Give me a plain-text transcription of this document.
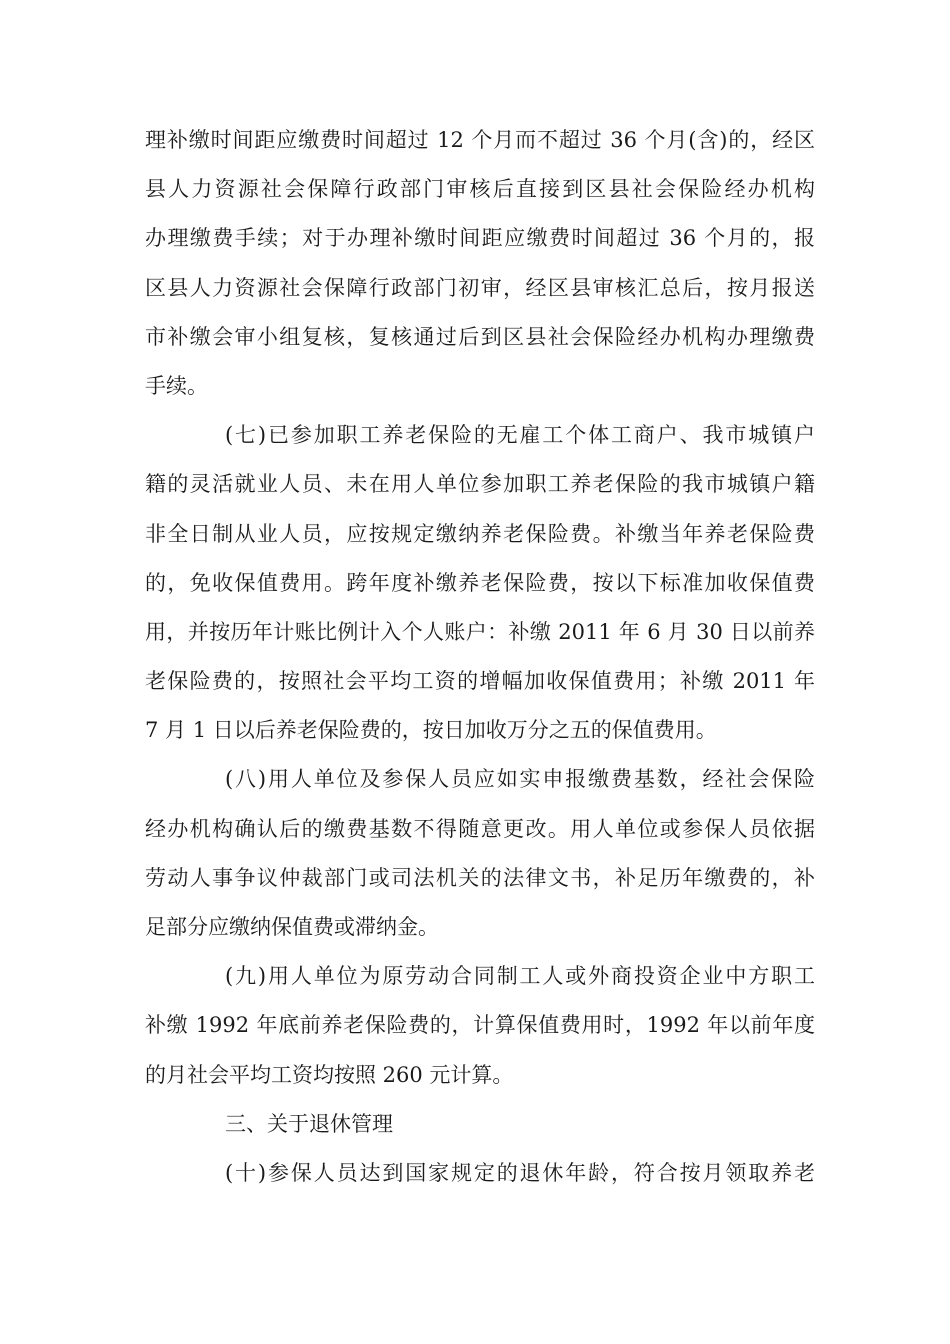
理补缴时间距应缴费时间超过 12 个月而不超过 36 个月(含)的，经区
县人力资源社会保障行政部门审核后直接到区县社会保险经办机构
办理缴费手续；对于办理补缴时间距应缴费时间超过 36 个月的，报
区县人力资源社会保障行政部门初审，经区县审核汇总后，按月报送
市补缴会审小组复核，复核通过后到区县社会保险经办机构办理缴费
手续。
(七)已参加职工养老保险的无雇工个体工商户、我市城镇户
籍的灵活就业人员、未在用人单位参加职工养老保险的我市城镇户籍
非全日制从业人员，应按规定缴纳养老保险费。补缴当年养老保险费
的，免收保值费用。跨年度补缴养老保险费，按以下标准加收保值费
用，并按历年计账比例计入个人账户：补缴 2011 年 6 月 30 日以前养
老保险费的，按照社会平均工资的增幅加收保值费用；补缴 2011 年
7 月 1 日以后养老保险费的，按日加收万分之五的保值费用。
(八)用人单位及参保人员应如实申报缴费基数，经社会保险
经办机构确认后的缴费基数不得随意更改。用人单位或参保人员依据
劳动人事争议仲裁部门或司法机关的法律文书，补足历年缴费的，补
足部分应缴纳保值费或滞纳金。
(九)用人单位为原劳动合同制工人或外商投资企业中方职工
补缴 1992 年底前养老保险费的，计算保值费用时，1992 年以前年度
的月社会平均工资均按照 260 元计算。
三、关于退休管理
(十)参保人员达到国家规定的退休年龄，符合按月领取养老
